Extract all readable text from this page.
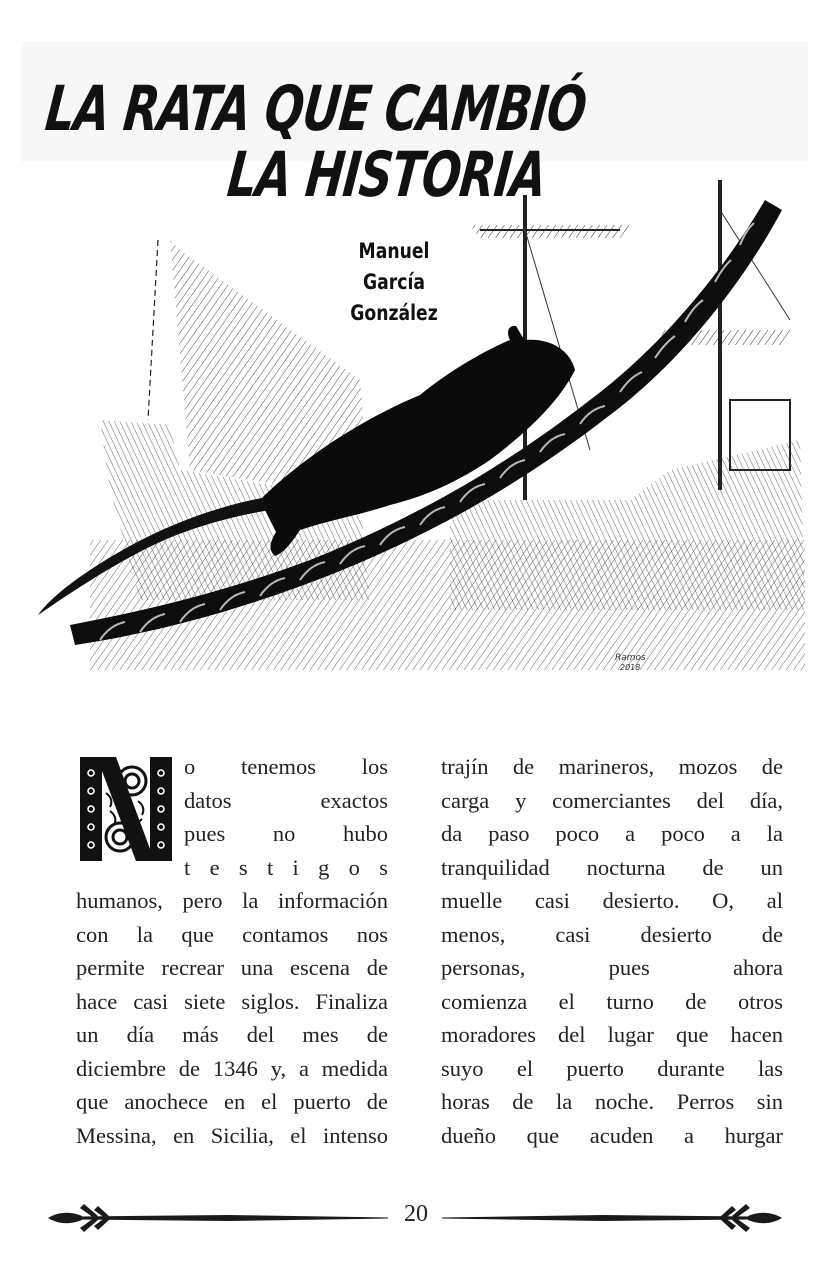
LA RATA QUE CAMBIÓ
LA HISTORIA
Ramos
2018
Manuel
García
González
o tenemos los
datos exactos
pues no hubo
t e s t i g o s
humanos, pero la información
con la que contamos nos
permite recrear una escena de
hace casi siete siglos. Finaliza
un día más del mes de
diciembre de 1346 y, a medida
que anochece en el puerto de
Messina, en Sicilia, el intenso
trajín de marineros, mozos de
carga y comerciantes del día,
da paso poco a poco a la
tranquilidad nocturna de un
muelle casi desierto. O, al
menos, casi desierto de
personas, pues ahora
comienza el turno de otros
moradores del lugar que hacen
suyo el puerto durante las
horas de la noche. Perros sin
dueño que acuden a hurgar
20
